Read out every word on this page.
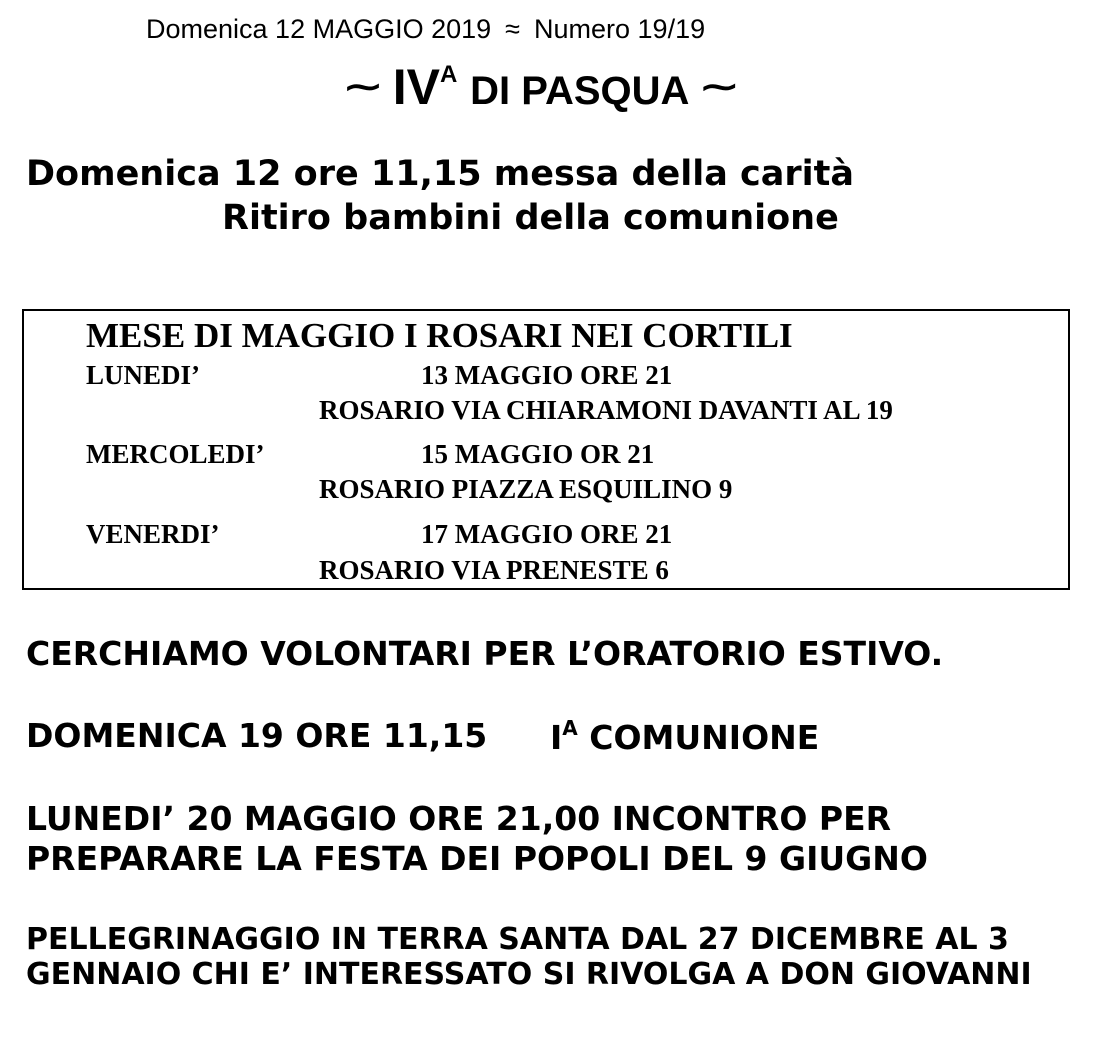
Domenica 12 MAGGIO 2019 ≈ Numero 19/19
⁓ $IV^A$ DI PASQUA ⁓
Domenica 12 ore 11,15 messa della carità
Ritiro bambini della comunione
MESE DI MAGGIO I ROSARI NEI CORTILI
LUNEDI’	13 MAGGIO ORE 21
ROSARIO VIA CHIARAMONI DAVANTI AL 19
MERCOLEDI’	15 MAGGIO OR 21
ROSARIO PIAZZA ESQUILINO 9
VENERDI’	17 MAGGIO ORE 21
ROSARIO VIA PRENESTE 6
CERCHIAMO VOLONTARI PER L’ORATORIO ESTIVO.
DOMENICA 19 ORE 11,15 $I^A$ COMUNIONE
LUNEDI’ 20 MAGGIO ORE 21,00 INCONTRO PER
PREPARARE LA FESTA DEI POPOLI DEL 9 GIUGNO
PELLEGRINAGGIO IN TERRA SANTA DAL 27 DICEMBRE AL 3
GENNAIO CHI E’ INTERESSATO SI RIVOLGA A DON GIOVANNI
